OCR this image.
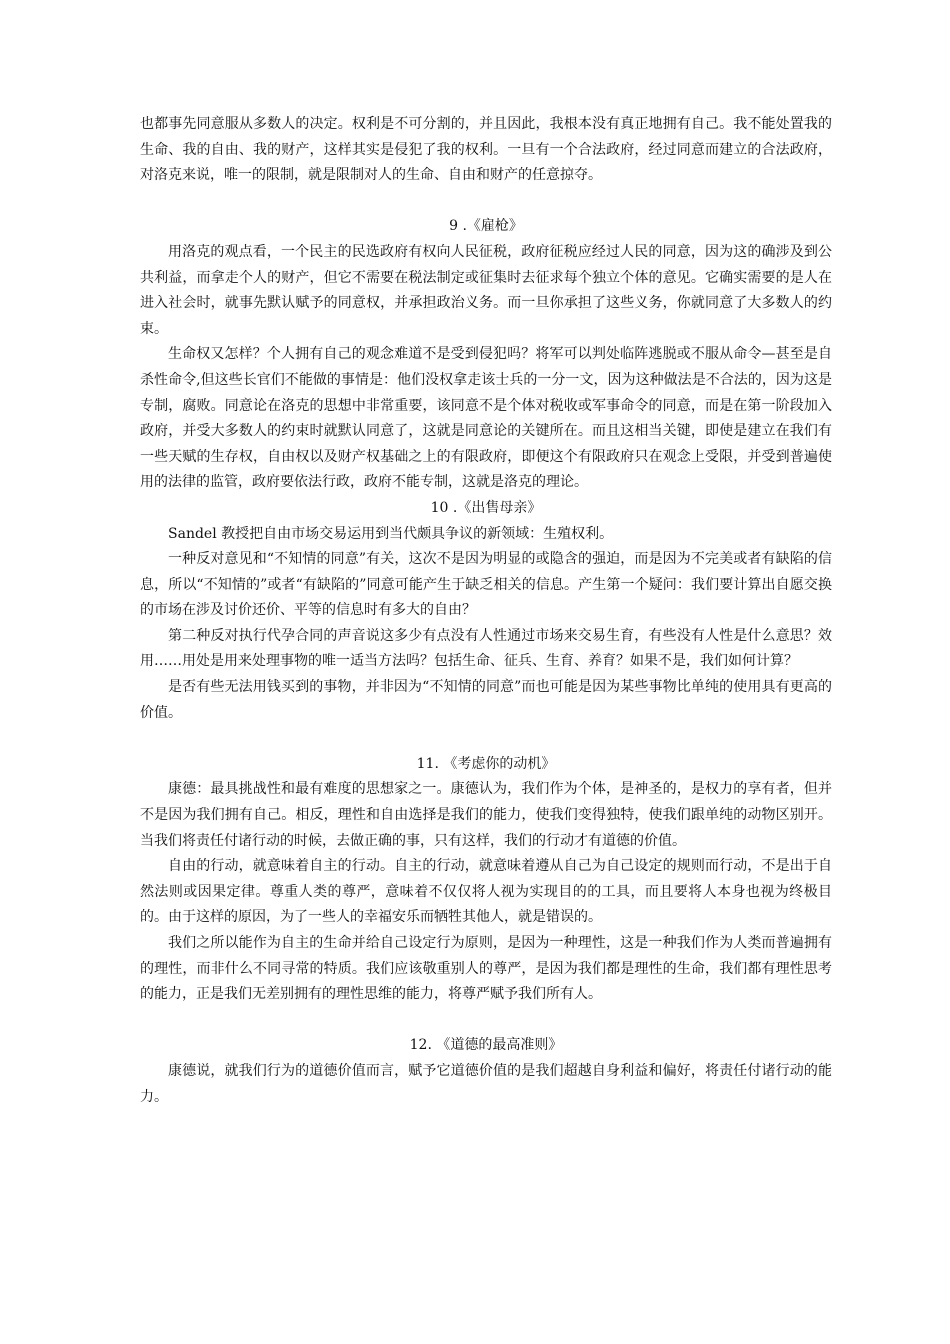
也都事先同意服从多数人的决定。权利是不可分割的，并且因此，我根本没有真正地拥有自己。我不能处置我的生命、我的自由、我的财产，这样其实是侵犯了我的权利。一旦有一个合法政府，经过同意而建立的合法政府，对洛克来说，唯一的限制，就是限制对人的生命、自由和财产的任意掠夺。

9 .《雇枪》

用洛克的观点看，一个民主的民选政府有权向人民征税，政府征税应经过人民的同意，因为这的确涉及到公共利益，而拿走个人的财产，但它不需要在税法制定或征集时去征求每个独立个体的意见。它确实需要的是人在进入社会时，就事先默认赋予的同意权，并承担政治义务。而一旦你承担了这些义务，你就同意了大多数人的约束。

生命权又怎样？个人拥有自己的观念难道不是受到侵犯吗？将军可以判处临阵逃脱或不服从命令—甚至是自杀性命令,但这些长官们不能做的事情是：他们没权拿走该士兵的一分一文，因为这种做法是不合法的，因为这是专制，腐败。同意论在洛克的思想中非常重要，该同意不是个体对税收或军事命令的同意，而是在第一阶段加入政府，并受大多数人的约束时就默认同意了，这就是同意论的关键所在。而且这相当关键，即使是建立在我们有一些天赋的生存权，自由权以及财产权基础之上的有限政府，即便这个有限政府只在观念上受限，并受到普遍使用的法律的监管，政府要依法行政，政府不能专制，这就是洛克的理论。

10 .《出售母亲》

Sandel 教授把自由市场交易运用到当代颇具争议的新领域：生殖权利。

一种反对意见和“不知情的同意”有关，这次不是因为明显的或隐含的强迫，而是因为不完美或者有缺陷的信息，所以“不知情的”或者“有缺陷的”同意可能产生于缺乏相关的信息。产生第一个疑问：我们要计算出自愿交换的市场在涉及讨价还价、平等的信息时有多大的自由？

第二种反对执行代孕合同的声音说这多少有点没有人性通过市场来交易生育，有些没有人性是什么意思？效用……用处是用来处理事物的唯一适当方法吗？包括生命、征兵、生育、养育？如果不是，我们如何计算？

是否有些无法用钱买到的事物，并非因为“不知情的同意”而也可能是因为某些事物比单纯的使用具有更高的价值。

11. 《考虑你的动机》

康德：最具挑战性和最有难度的思想家之一。康德认为，我们作为个体，是神圣的，是权力的享有者，但并不是因为我们拥有自己。相反，理性和自由选择是我们的能力，使我们变得独特，使我们跟单纯的动物区别开。当我们将责任付诸行动的时候，去做正确的事，只有这样，我们的行动才有道德的价值。

自由的行动，就意味着自主的行动。自主的行动，就意味着遵从自己为自己设定的规则而行动，不是出于自然法则或因果定律。尊重人类的尊严，意味着不仅仅将人视为实现目的的工具，而且要将人本身也视为终极目的。由于这样的原因，为了一些人的幸福安乐而牺牲其他人，就是错误的。

我们之所以能作为自主的生命并给自己设定行为原则，是因为一种理性，这是一种我们作为人类而普遍拥有的理性，而非什么不同寻常的特质。我们应该敬重别人的尊严，是因为我们都是理性的生命，我们都有理性思考的能力，正是我们无差别拥有的理性思维的能力，将尊严赋予我们所有人。

12. 《道德的最高准则》

康德说，就我们行为的道德价值而言，赋予它道德价值的是我们超越自身利益和偏好，将责任付诸行动的能力。
